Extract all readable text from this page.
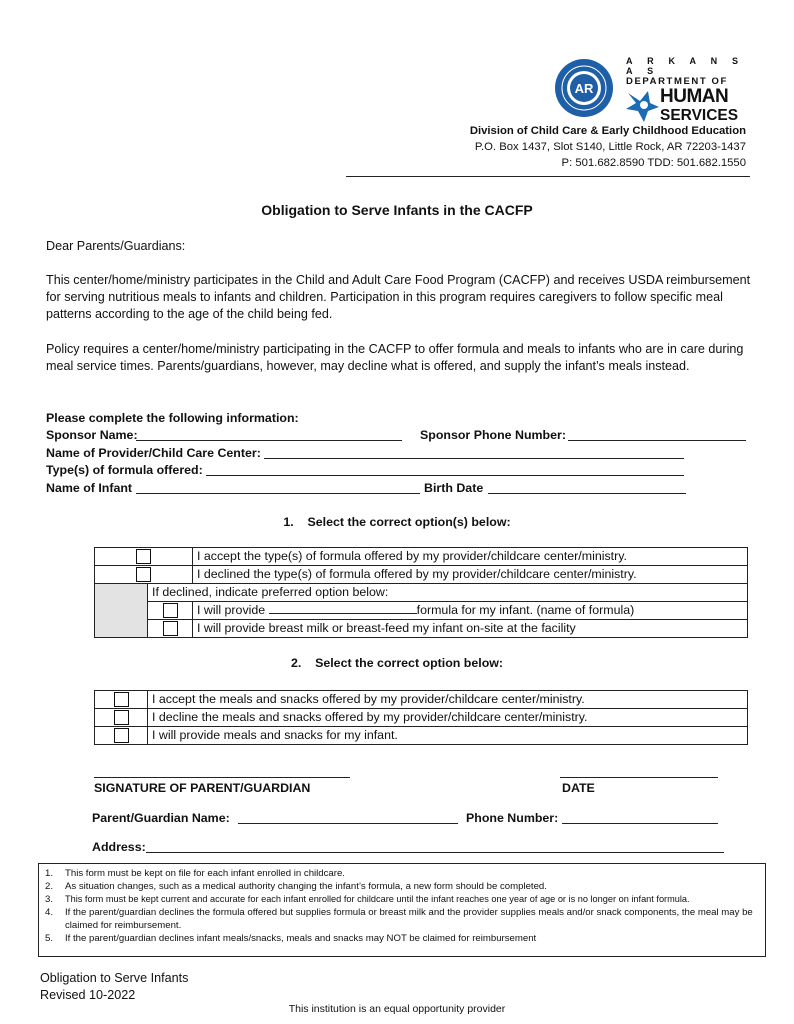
AR
A R K A N S A S
DEPARTMENT OF
HUMAN
SERVICES
Division of Child Care & Early Childhood Education
P.O. Box 1437, Slot S140, Little Rock, AR 72203-1437
P: 501.682.8590 TDD: 501.682.1550
Obligation to Serve Infants in the CACFP
Dear Parents/Guardians:
This center/home/ministry participates in the Child and Adult Care Food Program (CACFP) and receives USDA reimbursement for serving nutritious meals to infants and children. Participation in this program requires caregivers to follow specific meal patterns according to the age of the child being fed.
Policy requires a center/home/ministry participating in the CACFP to offer formula and meals to infants who are in care during meal service times. Parents/guardians, however, may decline what is offered, and supply the infant’s meals instead.
Please complete the following information:
Sponsor Name:	Sponsor Phone Number:
Name of Provider/Child Care Center:
Type(s) of formula offered:
Name of Infant	Birth Date
1. Select the correct option(s) below:
		I accept the type(s) of formula offered by my provider/childcare center/ministry.
		I declined the type(s) of formula offered by my provider/childcare center/ministry.
	If declined, indicate preferred option below:	
		I will provide formula for my infant. (name of formula)
		I will provide breast milk or breast-feed my infant on-site at the facility
2. Select the correct option below:
	I accept the meals and snacks offered by my provider/childcare center/ministry.
	I decline the meals and snacks offered by my provider/childcare center/ministry.
	I will provide meals and snacks for my infant.
SIGNATURE OF PARENT/GUARDIAN	DATE
Parent/Guardian Name:	Phone Number:
Address:
1.	This form must be kept on file for each infant enrolled in childcare.
2.	As situation changes, such as a medical authority changing the infant’s formula, a new form should be completed.
3.	This form must be kept current and accurate for each infant enrolled for childcare until the infant reaches one year of age or is no longer on infant formula.
4.	If the parent/guardian declines the formula offered but supplies formula or breast milk and the provider supplies meals and/or snack components, the meal may be claimed for reimbursement.
5.	If the parent/guardian declines infant meals/snacks, meals and snacks may NOT be claimed for reimbursement
Obligation to Serve Infants
Revised 10-2022
This institution is an equal opportunity provider
